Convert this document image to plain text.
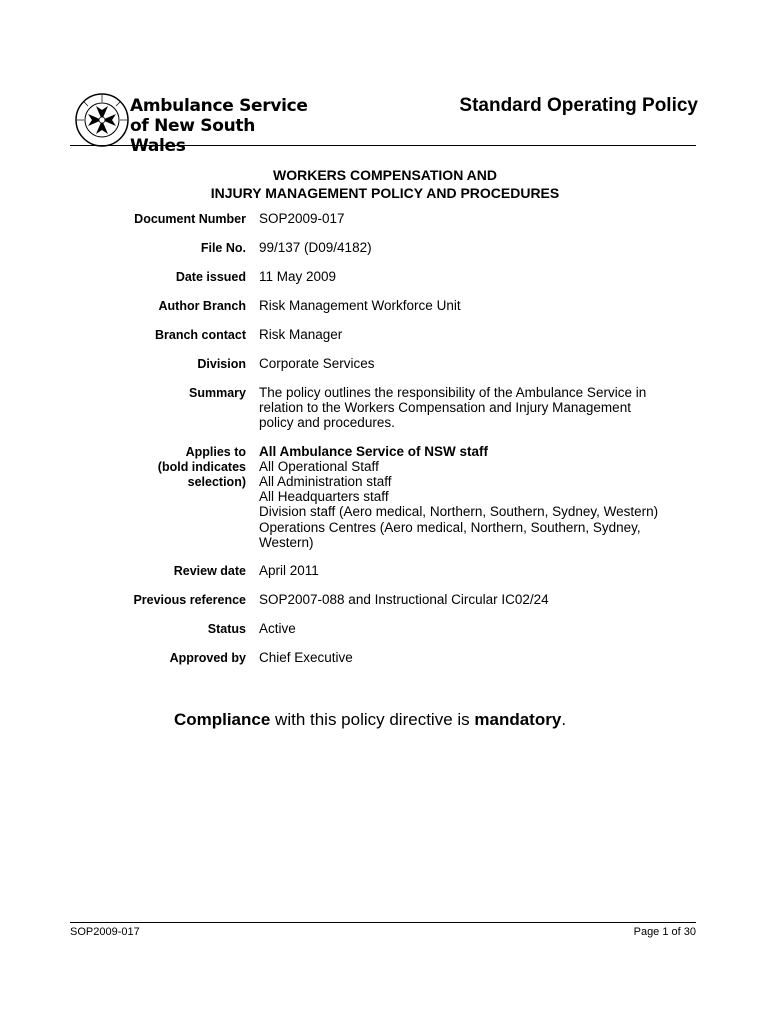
Ambulance Service
of New South Wales
Standard Operating Policy
WORKERS COMPENSATION AND
INJURY MANAGEMENT POLICY AND PROCEDURES
Document Number SOP2009-017
File No. 99/137 (D09/4182)
Date issued 11 May 2009
Author Branch Risk Management Workforce Unit
Branch contact Risk Manager
Division Corporate Services
Summary The policy outlines the responsibility of the Ambulance Service in
relation to the Workers Compensation and Injury Management
policy and procedures.
Applies to
(bold indicates
selection)
All Ambulance Service of NSW staff
All Operational Staff
All Administration staff
All Headquarters staff
Division staff (Aero medical, Northern, Southern, Sydney, Western)
Operations Centres (Aero medical, Northern, Southern, Sydney,
Western)
Review date April 2011
Previous reference SOP2007-088 and Instructional Circular IC02/24
Status Active
Approved by Chief Executive
Compliance with this policy directive is mandatory.
SOP2009-017	Page 1 of 30
